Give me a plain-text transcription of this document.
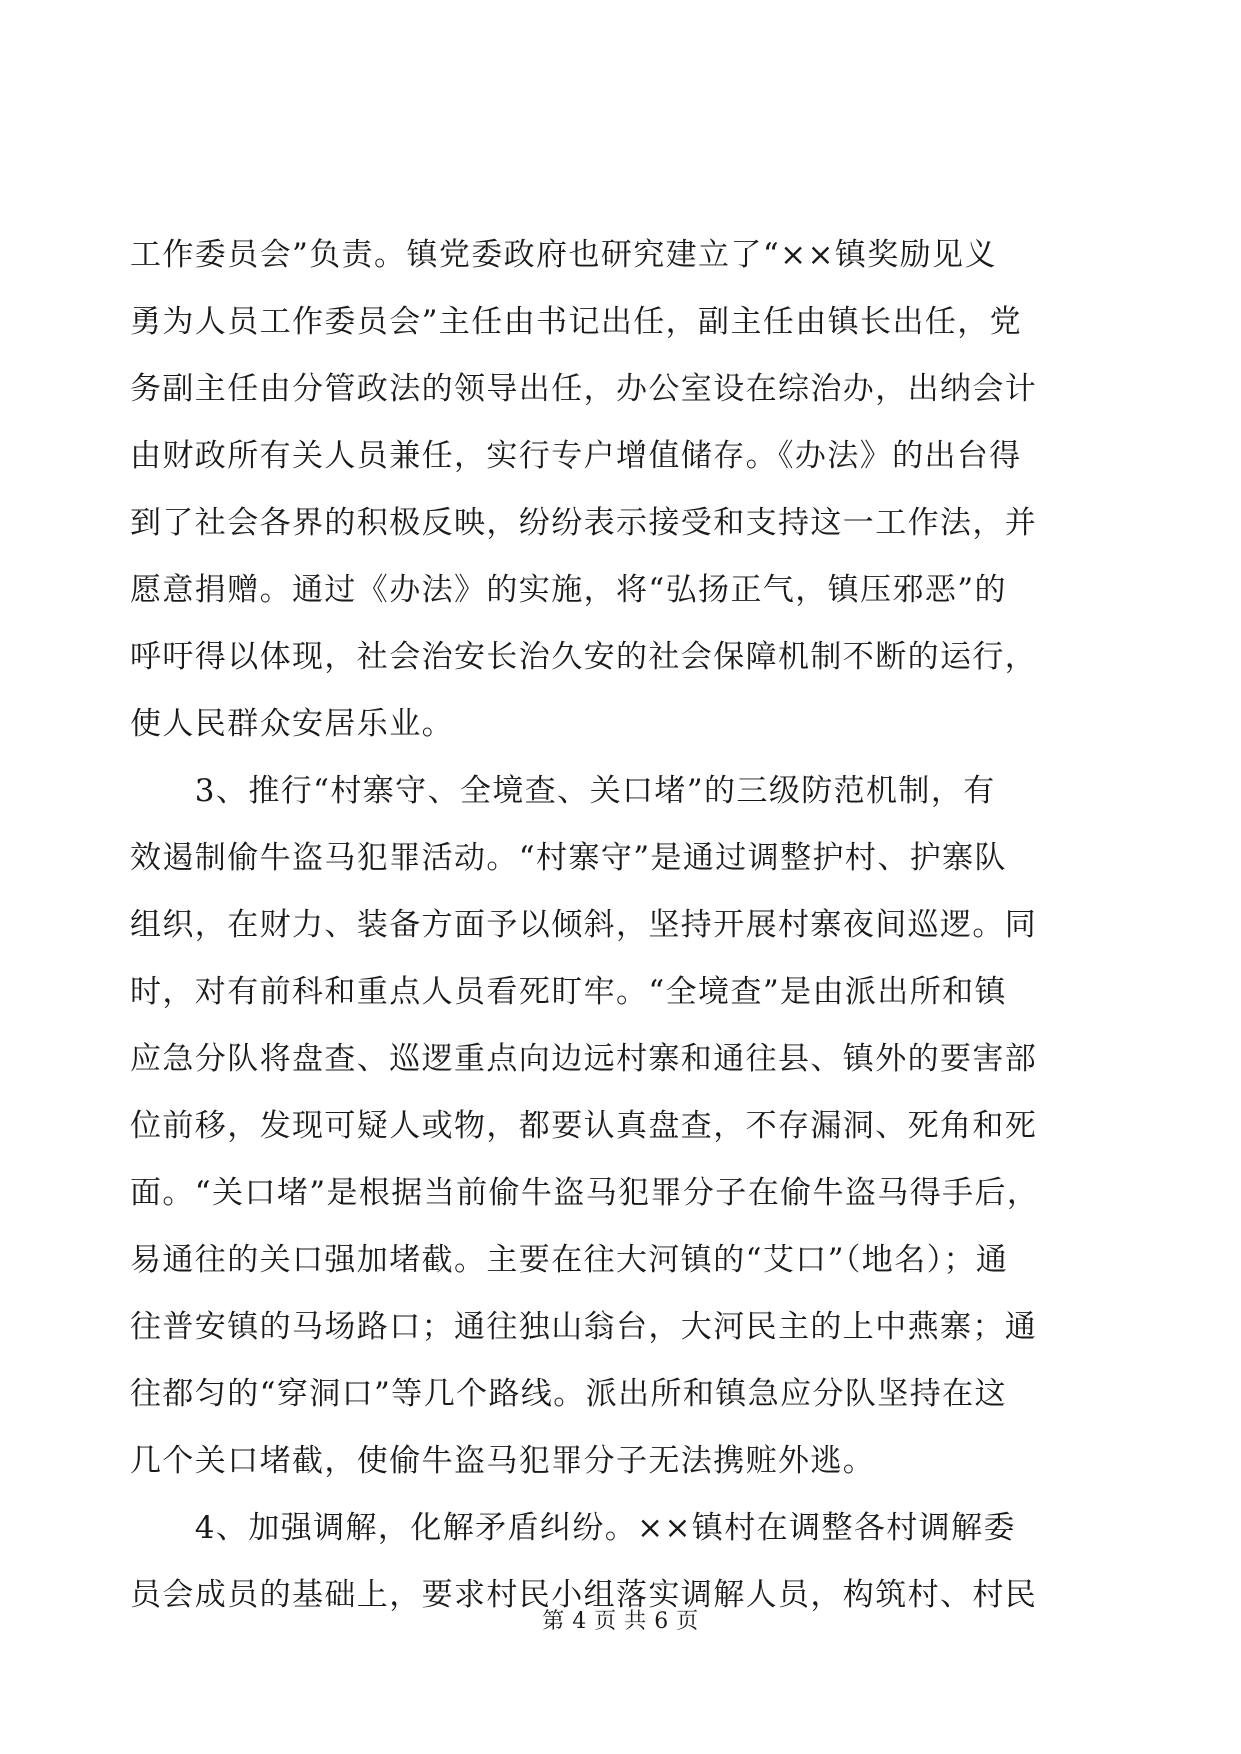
工作委员会”负责。镇党委政府也研究建立了“××镇奖励见义
勇为人员工作委员会”主任由书记出任，副主任由镇长出任，党
务副主任由分管政法的领导出任，办公室设在综治办，出纳会计
由财政所有关人员兼任，实行专户增值储存。《办法》的出台得
到了社会各界的积极反映，纷纷表示接受和支持这一工作法，并
愿意捐赠。通过《办法》的实施，将“弘扬正气，镇压邪恶”的
呼吁得以体现，社会治安长治久安的社会保障机制不断的运行，
使人民群众安居乐业。
　　3、推行“村寨守、全境查、关口堵”的三级防范机制，有
效遏制偷牛盗马犯罪活动。“村寨守”是通过调整护村、护寨队
组织，在财力、装备方面予以倾斜，坚持开展村寨夜间巡逻。同
时，对有前科和重点人员看死盯牢。“全境查”是由派出所和镇
应急分队将盘查、巡逻重点向边远村寨和通往县、镇外的要害部
位前移，发现可疑人或物，都要认真盘查，不存漏洞、死角和死
面。“关口堵”是根据当前偷牛盗马犯罪分子在偷牛盗马得手后，
易通往的关口强加堵截。主要在往大河镇的“艾口”（地名）；通
往普安镇的马场路口；通往独山翁台，大河民主的上中燕寨；通
往都匀的“穿洞口”等几个路线。派出所和镇急应分队坚持在这
几个关口堵截，使偷牛盗马犯罪分子无法携赃外逃。
　　4、加强调解，化解矛盾纠纷。××镇村在调整各村调解委
员会成员的基础上，要求村民小组落实调解人员，构筑村、村民
第 4 页 共 6 页
